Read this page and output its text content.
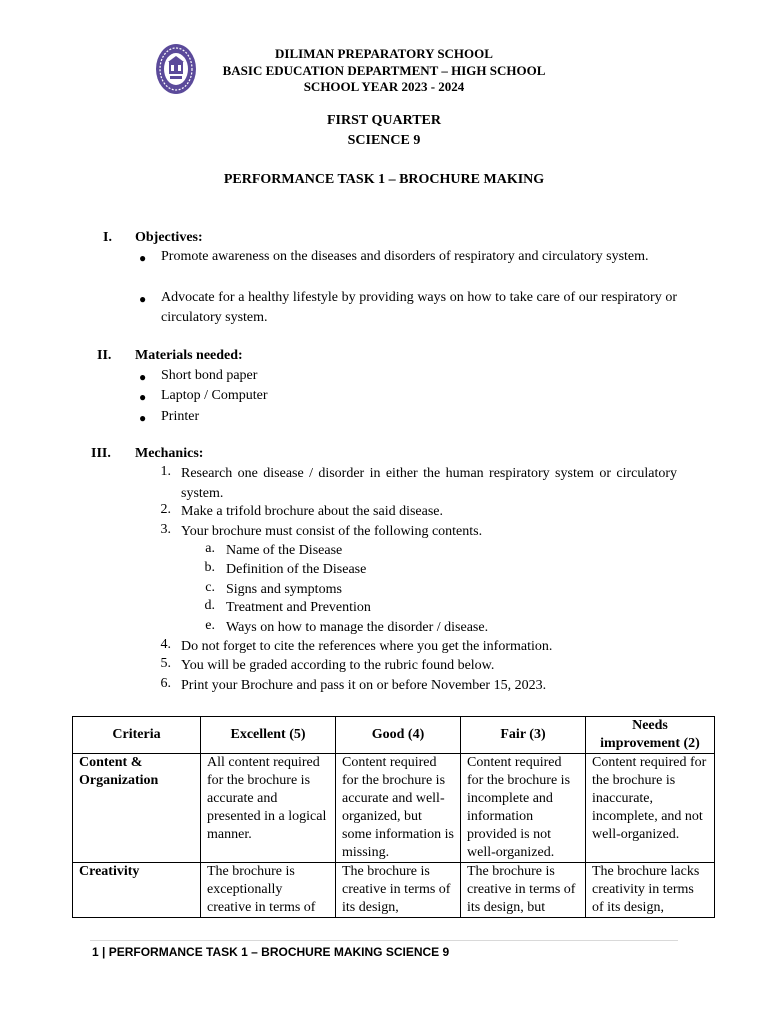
DILIMAN PREPARATORY SCHOOL
BASIC EDUCATION DEPARTMENT – HIGH SCHOOL
SCHOOL YEAR 2023 - 2024
FIRST QUARTER
SCIENCE 9
PERFORMANCE TASK 1 – BROCHURE MAKING
I. Objectives:
● Promote awareness on the diseases and disorders of respiratory and circulatory system.
● Advocate for a healthy lifestyle by providing ways on how to take care of our respiratory or circulatory system.
II. Materials needed:
● Short bond paper
● Laptop / Computer
● Printer
III. Mechanics:
1. Research one disease / disorder in either the human respiratory system or circulatory system.
2. Make a trifold brochure about the said disease.
3. Your brochure must consist of the following contents.
a. Name of the Disease
b. Definition of the Disease
c. Signs and symptoms
d. Treatment and Prevention
e. Ways on how to manage the disorder / disease.
4. Do not forget to cite the references where you get the information.
5. You will be graded according to the rubric found below.
6. Print your Brochure and pass it on or before November 15, 2023.
Criteria	Excellent (5)	Good (4)	Fair (3)	Needs improvement (2)
Content & Organization	All content required for the brochure is accurate and presented in a logical manner.	Content required for the brochure is accurate and well-organized, but some information is missing.	Content required for the brochure is incomplete and information provided is not well-organized.	Content required for the brochure is inaccurate, incomplete, and not well-organized.
Creativity	The brochure is exceptionally creative in terms of	The brochure is creative in terms of its design,	The brochure is creative in terms of its design, but	The brochure lacks creativity in terms of its design,
1 | PERFORMANCE TASK 1 – BROCHURE MAKING SCIENCE 9
